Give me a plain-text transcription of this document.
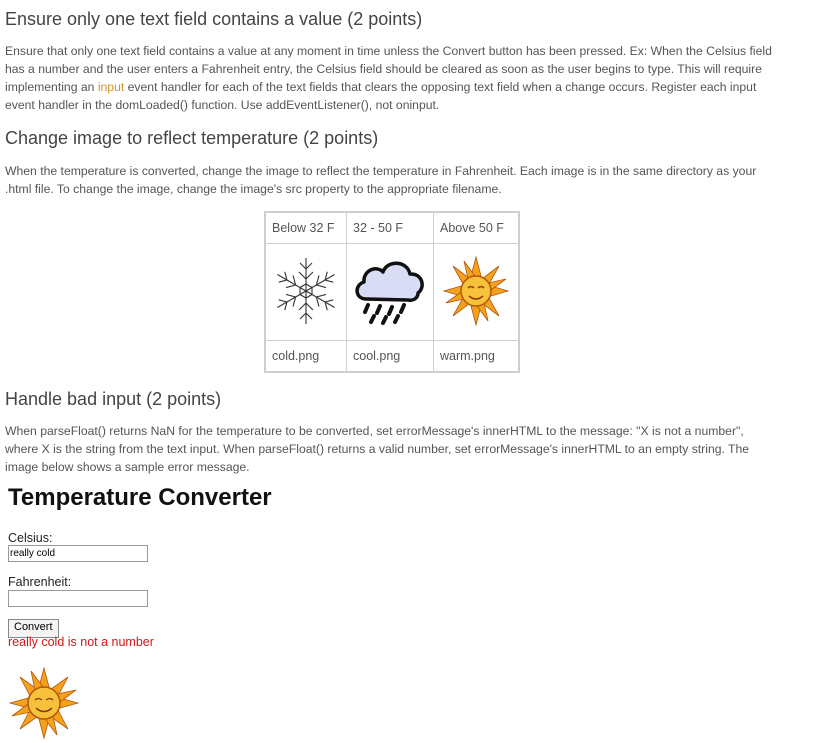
Ensure only one text field contains a value (2 points)

Ensure that only one text field contains a value at any moment in time unless the Convert button has been pressed. Ex: When the Celsius field has a number and the user enters a Fahrenheit entry, the Celsius field should be cleared as soon as the user begins to type. This will require implementing an input event handler for each of the text fields that clears the opposing text field when a change occurs. Register each input event handler in the domLoaded() function. Use addEventListener(), not oninput.

Change image to reflect temperature (2 points)

When the temperature is converted, change the image to reflect the temperature in Fahrenheit. Each image is in the same directory as your .html file. To change the image, change the image's src property to the appropriate filename.

Below 32 F	32 - 50 F	Above 50 F

cold.png	cool.png	warm.png
Handle bad input (2 points)

When parseFloat() returns NaN for the temperature to be converted, set errorMessage's innerHTML to the message: "X is not a number", where X is the string from the text input. When parseFloat() returns a valid number, set errorMessage's innerHTML to an empty string. The image below shows a sample error message.

Temperature Converter
Celsius:
really cold
Fahrenheit:
Convert
really cold is not a number
